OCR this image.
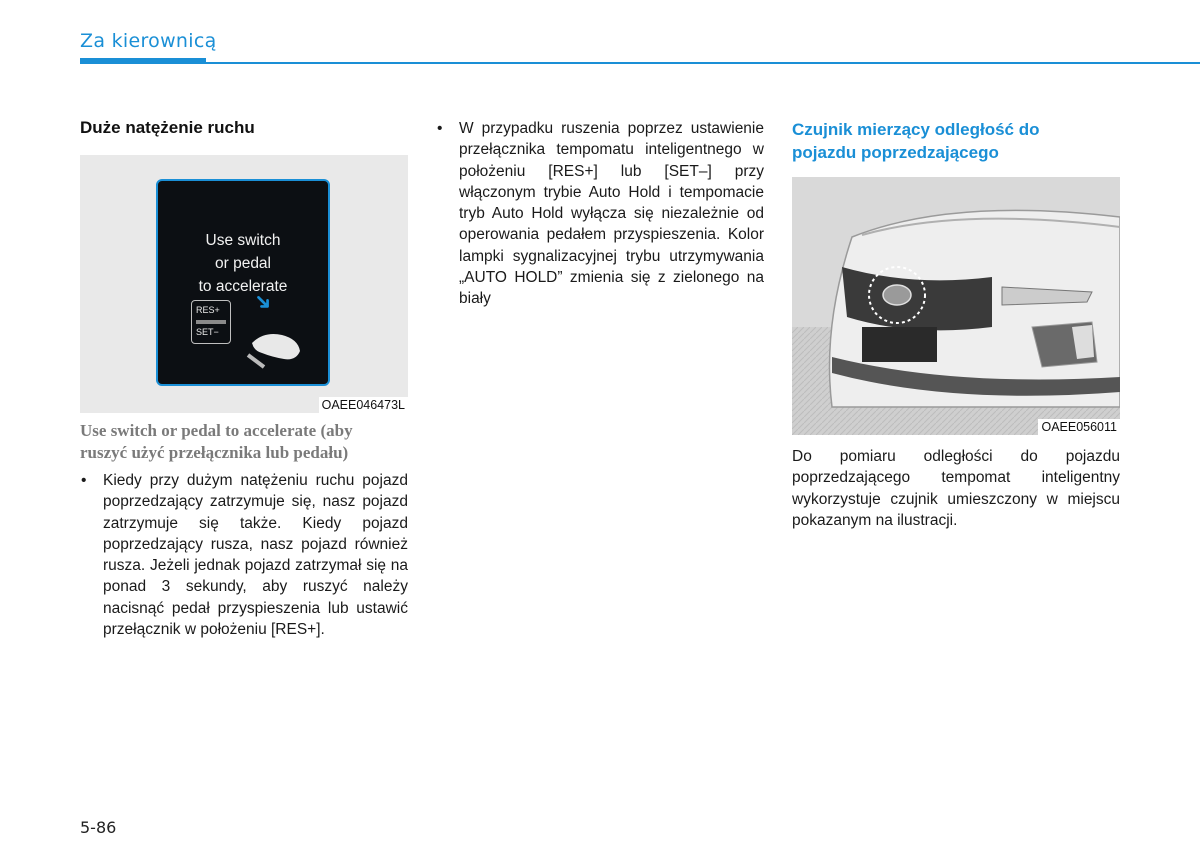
Za kierownicą
Duże natężenie ruchu
Use switch
or pedal
to accelerate
RES+
SET−
➜
OAEE046473L
Use switch or pedal to accelerate (aby ruszyć użyć przełącznika lub pedału)
• Kiedy przy dużym natężeniu ruchu pojazd poprzedzający zatrzymuje się, nasz pojazd zatrzymuje się także. Kiedy pojazd poprzedzający rusza, nasz pojazd również rusza. Jeżeli jednak pojazd zatrzymał się na ponad 3 sekundy, aby ruszyć należy nacisnąć pedał przyspieszenia lub ustawić przełącznik w położeniu [RES+].
• W przypadku ruszenia poprzez ustawienie przełącznika tempomatu inteligentnego w położeniu [RES+] lub [SET–] przy włączonym trybie Auto Hold i tempomacie tryb Auto Hold wyłącza się niezależnie od operowania pedałem przyspieszenia. Kolor lampki sygnalizacyjnej trybu utrzymywania „AUTO HOLD” zmienia się z zielonego na biały
Czujnik mierzący odległość do pojazdu poprzedzającego
OAEE056011
Do pomiaru odległości do pojazdu poprzedzającego tempomat inteligentny wykorzystuje czujnik umieszczony w miejscu pokazanym na ilustracji.
5-86
